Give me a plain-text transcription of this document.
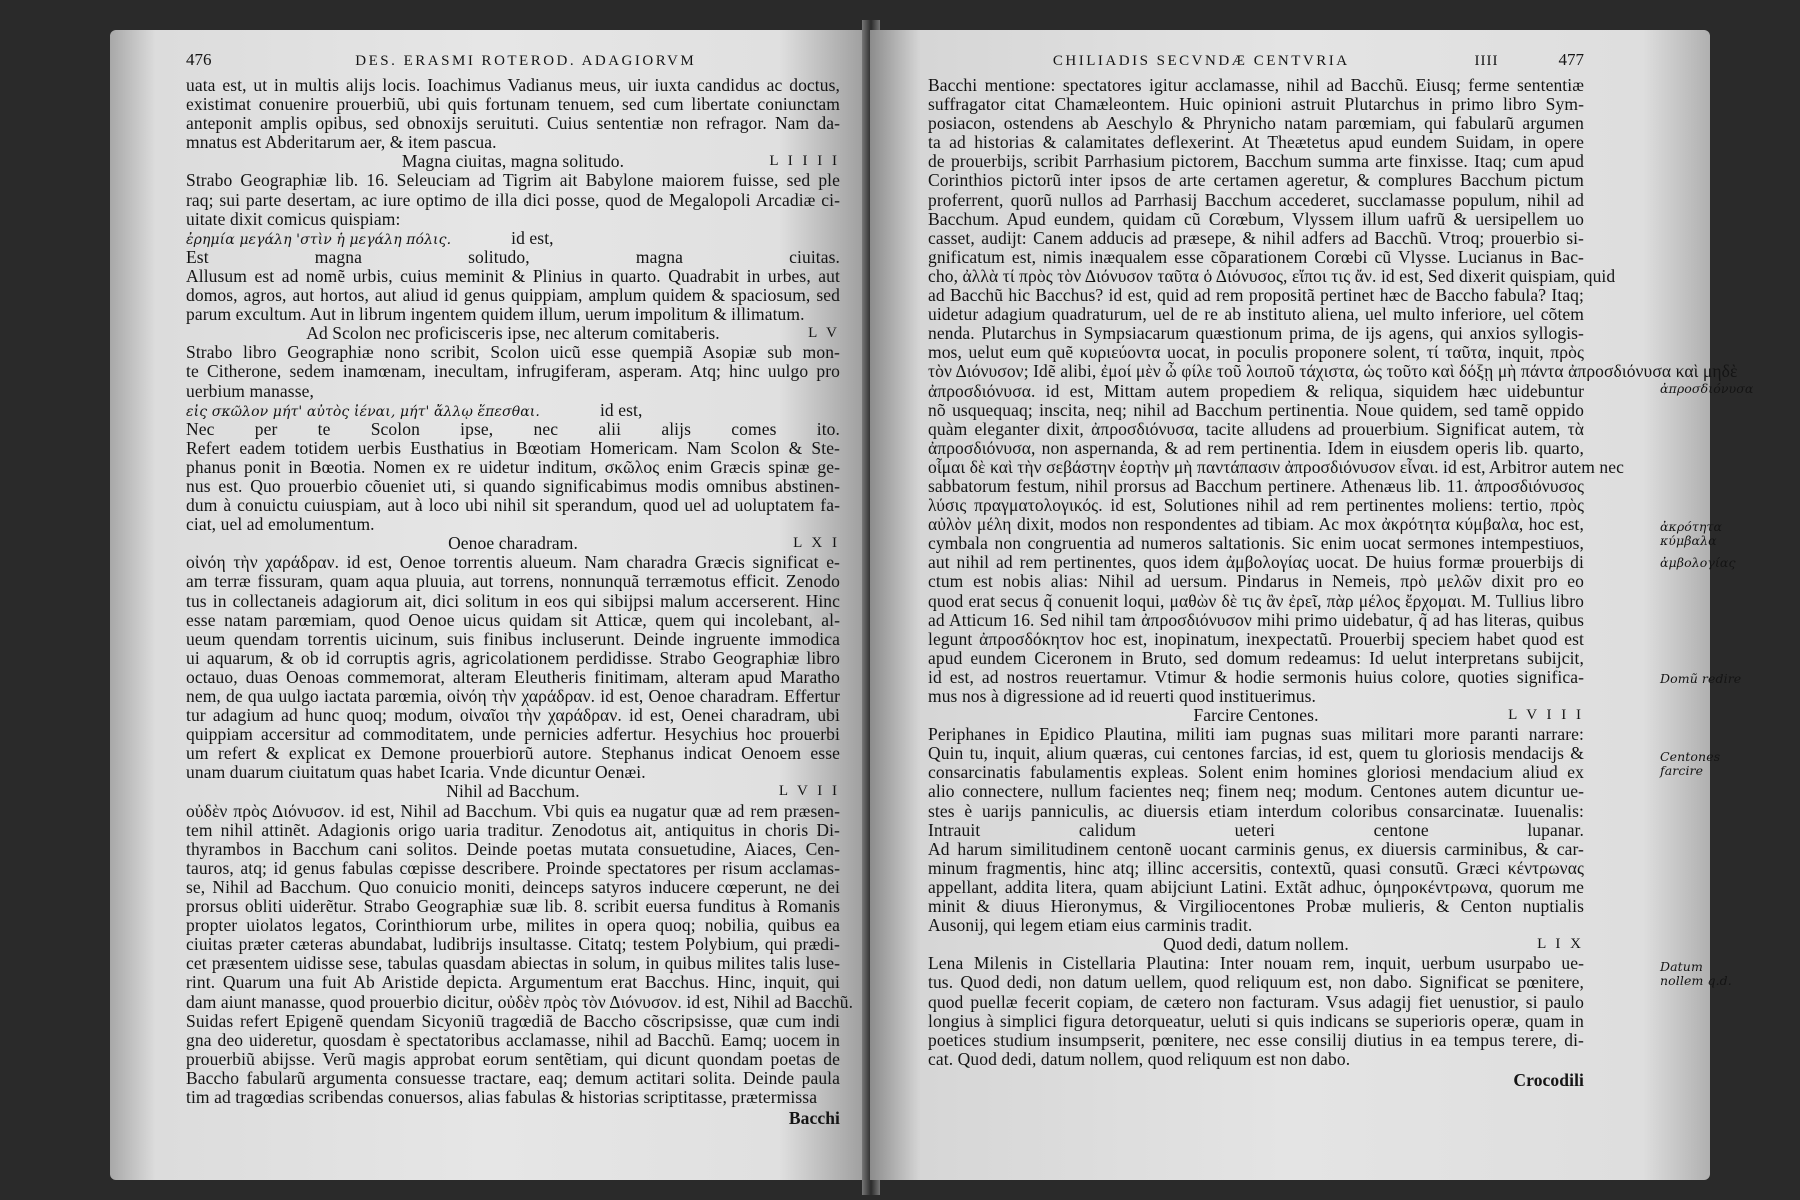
476	DES. ERASMI ROTEROD. ADAGIORVM
uata est, ut in multis alijs locis. Ioachimus Vadianus meus, uir iuxta candidus ac doctus,
existimat conuenire prouerbiũ, ubi quis fortunam tenuem, sed cum libertate coniunctam
anteponit amplis opibus, sed obnoxijs seruituti. Cuius sententiæ non refragor. Nam da-
mnatus est Abderitarum aer, & item pascua.
Magna ciuitas, magna solitudo.	L I I I I
Strabo Geographiæ lib. 16. Seleuciam ad Tigrim ait Babylone maiorem fuisse, sed ple
raq; sui parte desertam, ac iure optimo de illa dici posse, quod de Megalopoli Arcadiæ ci-
uitate dixit comicus quispiam:
ἐρημία μεγάλη 'στὶν ἡ μεγάλη πόλις.	id est,
Est magna solitudo, magna ciuitas.
Allusum est ad nomẽ urbis, cuius meminit & Plinius in quarto. Quadrabit in urbes, aut
domos, agros, aut hortos, aut aliud id genus quippiam, amplum quidem & spaciosum, sed
parum excultum. Aut in librum ingentem quidem illum, uerum impolitum & illimatum.
Ad Scolon nec proficisceris ipse, nec alterum comitaberis.	L V
Strabo libro Geographiæ nono scribit, Scolon uicũ esse quempiã Asopiæ sub mon-
te Citherone, sedem inamœnam, inecultam, infrugiferam, asperam. Atq; hinc uulgo pro
uerbium manasse,
εἰς σκῶλον μήτ' αὐτὸς ἰέναι, μήτ' ἄλλῳ ἕπεσθαι.	id est,
Nec per te Scolon ipse, nec alii alijs comes ito.
Refert eadem totidem uerbis Eusthatius in Bœotiam Homericam. Nam Scolon & Ste-
phanus ponit in Bœotia. Nomen ex re uidetur inditum, σκῶλος enim Græcis spinæ ge-
nus est. Quo prouerbio cõueniet uti, si quando significabimus modis omnibus abstinen-
dum à conuictu cuiuspiam, aut à loco ubi nihil sit sperandum, quod uel ad uoluptatem fa-
ciat, uel ad emolumentum.
Oenoe charadram.	L X I
οἰνόη τὴν χαράδραν. id est, Oenoe torrentis alueum. Nam charadra Græcis significat e-
am terræ fissuram, quam aqua pluuia, aut torrens, nonnunquã terræmotus efficit. Zenodo
tus in collectaneis adagiorum ait, dici solitum in eos qui sibijpsi malum accerserent. Hinc
esse natam parœmiam, quod Oenoe uicus quidam sit Atticæ, quem qui incolebant, al-
ueum quendam torrentis uicinum, suis finibus incluserunt. Deinde ingruente immodica
ui aquarum, & ob id corruptis agris, agricolationem perdidisse. Strabo Geographiæ libro
octauo, duas Oenoas commemorat, alteram Eleutheris finitimam, alteram apud Maratho
nem, de qua uulgo iactata parœmia, οἰνόη τὴν χαράδραν. id est, Oenoe charadram. Effertur
tur adagium ad hunc quoq; modum, οἰναῖοι τὴν χαράδραν. id est, Oenei charadram, ubi
quippiam accersitur ad commoditatem, unde pernicies adfertur. Hesychius hoc prouerbi
um refert & explicat ex Demone prouerbiorũ autore. Stephanus indicat Oenoem esse
unam duarum ciuitatum quas habet Icaria. Vnde dicuntur Oenæi.
Nihil ad Bacchum.	L V I I
οὐδὲν πρὸς Διόνυσον. id est, Nihil ad Bacchum. Vbi quis ea nugatur quæ ad rem præsen-
tem nihil attinẽt. Adagionis origo uaria traditur. Zenodotus ait, antiquitus in choris Di-
thyrambos in Bacchum cani solitos. Deinde poetas mutata consuetudine, Aiaces, Cen-
tauros, atq; id genus fabulas cœpisse describere. Proinde spectatores per risum acclamas-
se, Nihil ad Bacchum. Quo conuicio moniti, deinceps satyros inducere cœperunt, ne dei
prorsus obliti uiderẽtur. Strabo Geographiæ suæ lib. 8. scribit euersa funditus à Romanis
propter uiolatos legatos, Corinthiorum urbe, milites in opera quoq; nobilia, quibus ea
ciuitas præter cæteras abundabat, ludibrijs insultasse. Citatq; testem Polybium, qui prædi-
cet præsentem uidisse sese, tabulas quasdam abiectas in solum, in quibus milites talis luse-
rint. Quarum una fuit Ab Aristide depicta. Argumentum erat Bacchus. Hinc, inquit, qui
dam aiunt manasse, quod prouerbio dicitur, οὐδὲν πρὸς τὸν Διόνυσον. id est, Nihil ad Bacchũ.
Suidas refert Epigenẽ quendam Sicyoniũ tragœdiã de Baccho cõscripsisse, quæ cum indi
gna deo uideretur, quosdam è spectatoribus acclamasse, nihil ad Bacchũ. Eamq; uocem in
prouerbiũ abijsse. Verũ magis approbat eorum sentẽtiam, qui dicunt quondam poetas de
Baccho fabularũ argumenta consuesse tractare, eaq; demum actitari solita. Deinde paula
tim ad tragœdias scribendas conuersos, alias fabulas & historias scriptitasse, prætermissa
Bacchi
CHILIADIS SECVNDÆ CENTVRIA	IIII	477
Bacchi mentione: spectatores igitur acclamasse, nihil ad Bacchũ. Eiusq; ferme sententiæ
suffragator citat Chamæleontem. Huic opinioni astruit Plutarchus in primo libro Sym-
posiacon, ostendens ab Aeschylo & Phrynicho natam parœmiam, qui fabularũ argumen
ta ad historias & calamitates deflexerint. At Theætetus apud eundem Suidam, in opere
de prouerbijs, scribit Parrhasium pictorem, Bacchum summa arte finxisse. Itaq; cum apud
Corinthios pictorũ inter ipsos de arte certamen ageretur, & complures Bacchum pictum
proferrent, quorũ nullos ad Parrhasij Bacchum accederet, succlamasse populum, nihil ad
Bacchum. Apud eundem, quidam cũ Corœbum, Vlyssem illum uafrũ & uersipellem uo
casset, audijt: Canem adducis ad præsepe, & nihil adfers ad Bacchũ. Vtroq; prouerbio si-
gnificatum est, nimis inæqualem esse cõparationem Corœbi cũ Vlysse. Lucianus in Bac-
cho, ἀλλὰ τί πρὸς τὸν Διόνυσον ταῦτα ὁ Διόνυσος, εἴποι τις ἄν. id est, Sed dixerit quispiam, quid
ad Bacchũ hic Bacchus? id est, quid ad rem propositã pertinet hæc de Baccho fabula? Itaq;
uidetur adagium quadraturum, uel de re ab instituto aliena, uel multo inferiore, uel cõtem
nenda. Plutarchus in Sympsiacarum quæstionum prima, de ijs agens, qui anxios syllogis-
mos, uelut eum quẽ κυριεύοντα uocat, in poculis proponere solent, τί ταῦτα, inquit, πρὸς
τὸν Διόνυσον; Idẽ alibi, ἐμοί μὲν ὦ φίλε τοῦ λοιποῦ τάχιστα, ὡς τοῦτο καὶ δόξῃ μὴ πάντα ἀπροσδιόνυσα καὶ μηδὲ
ἀπροσδιόνυσα. id est, Mittam autem propediem & reliqua, siquidem hæc uidebuntur
nõ usquequaq; inscita, neq; nihil ad Bacchum pertinentia. Noue quidem, sed tamẽ oppido
quàm eleganter dixit, ἀπροσδιόνυσα, tacite alludens ad prouerbium. Significat autem, τὰ
ἀπροσδιόνυσα, non aspernanda, & ad rem pertinentia. Idem in eiusdem operis lib. quarto,
οἷμαι δὲ καὶ τὴν σεβάστην ἑορτὴν μὴ παντάπασιν ἀπροσδιόνυσον εἶναι. id est, Arbitror autem nec
sabbatorum festum, nihil prorsus ad Bacchum pertinere. Athenæus lib. 11. ἀπροσδιόνυσος
λύσις πραγματολογικός. id est, Solutiones nihil ad rem pertinentes moliens: tertio, πρὸς
αὐλὸν μέλη dixit, modos non respondentes ad tibiam. Ac mox ἀκρότητα κύμβαλα, hoc est,
cymbala non congruentia ad numeros saltationis. Sic enim uocat sermones intempestiuos,
aut nihil ad rem pertinentes, quos idem ἀμβολογίας uocat. De huius formæ prouerbijs di
ctum est nobis alias: Nihil ad uersum. Pindarus in Nemeis, πρὸ μελῶν dixit pro eo
quod erat secus q̃ conuenit loqui, μαθὼν δὲ τις ἂν ἐρεῖ, πὰρ μέλος ἔρχομαι. M. Tullius libro
ad Atticum 16. Sed nihil tam ἀπροσδιόνυσον mihi primo uidebatur, q̃ ad has literas, quibus
legunt ἀπροσδόκητον hoc est, inopinatum, inexpectatũ. Prouerbij speciem habet quod est
apud eundem Ciceronem in Bruto, sed domum redeamus: Id uelut interpretans subijcit,
id est, ad nostros reuertamur. Vtimur & hodie sermonis huius colore, quoties significa-
mus nos à digressione ad id reuerti quod instituerimus.
Farcire Centones.	L V I I I
Periphanes in Epidico Plautina, militi iam pugnas suas militari more paranti narrare:
Quin tu, inquit, alium quæras, cui centones farcias, id est, quem tu gloriosis mendacijs &
consarcinatis fabulamentis expleas. Solent enim homines gloriosi mendacium aliud ex
alio connectere, nullum facientes neq; finem neq; modum. Centones autem dicuntur ue-
stes è uarijs panniculis, ac diuersis etiam interdum coloribus consarcinatæ. Iuuenalis:
Intrauit calidum ueteri centone lupanar.
Ad harum similitudinem centonẽ uocant carminis genus, ex diuersis carminibus, & car-
minum fragmentis, hinc atq; illinc accersitis, contextũ, quasi consutũ. Græci κέντρωνας
appellant, addita litera, quam abijciunt Latini. Extãt adhuc, ὁμηροκέντρωνα, quorum me
minit & diuus Hieronymus, & Virgiliocentones Probæ mulieris, & Centon nuptialis
Ausonij, qui legem etiam eius carminis tradit.
Quod dedi, datum nollem.	L I X
Lena Milenis in Cistellaria Plautina: Inter nouam rem, inquit, uerbum usurpabo ue-
tus. Quod dedi, non datum uellem, quod reliquum est, non dabo. Significat se pœnitere,
quod puellæ fecerit copiam, de cætero non facturam. Vsus adagij fiet uenustior, si paulo
longius à simplici figura detorqueatur, ueluti si quis indicans se superioris operæ, quam in
poetices studium insumpserit, pœnitere, nec esse consilij diutius in ea tempus terere, di-
cat. Quod dedi, datum nollem, quod reliquum est non dabo.
Crocodili
ἀπροσδιόνυσα
ἀκρότητα κύμβαλα
ἀμβολογίας
Domũ redire
Centones farcire
Datum nollem q.d.
